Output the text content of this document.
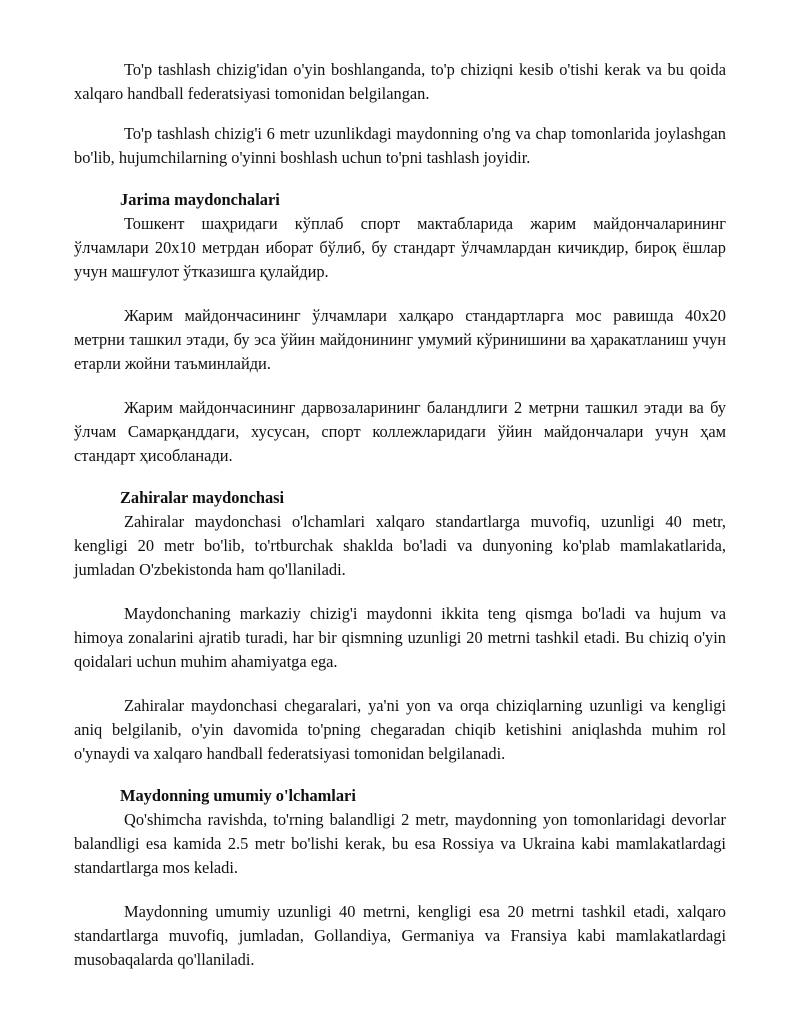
To'p tashlash chizig'idan o'yin boshlanganda, to'p chiziqni kesib o'tishi kerak va bu qoida xalqaro handball federatsiyasi tomonidan belgilangan.

To'p tashlash chizig'i 6 metr uzunlikdagi maydonning o'ng va chap tomonlarida joylashgan bo'lib, hujumchilarning o'yinni boshlash uchun to'pni tashlash joyidir.

Jarima maydonchalari

Тошкент шаҳридаги кўплаб спорт мактабларида жарим майдончаларининг ўлчамлари 20x10 метрдан иборат бўлиб, бу стандарт ўлчамлардан кичикдир, бироқ ёшлар учун машғулот ўтказишга қулайдир.

Жарим майдончасининг ўлчамлари халқаро стандартларга мос равишда 40x20 метрни ташкил этади, бу эса ўйин майдонининг умумий кўринишини ва ҳаракатланиш учун етарли жойни таъминлайди.

Жарим майдончасининг дарвозаларининг баландлиги 2 метрни ташкил этади ва бу ўлчам Самарқанддаги, хусусан, спорт коллежларидаги ўйин майдончалари учун ҳам стандарт ҳисобланади.

Zahiralar maydonchasi

Zahiralar maydonchasi o'lchamlari xalqaro standartlarga muvofiq, uzunligi 40 metr, kengligi 20 metr bo'lib, to'rtburchak shaklda bo'ladi va dunyoning ko'plab mamlakatlarida, jumladan O'zbekistonda ham qo'llaniladi.

Maydonchaning markaziy chizig'i maydonni ikkita teng qismga bo'ladi va hujum va himoya zonalarini ajratib turadi, har bir qismning uzunligi 20 metrni tashkil etadi. Bu chiziq o'yin qoidalari uchun muhim ahamiyatga ega.

Zahiralar maydonchasi chegaralari, ya'ni yon va orqa chiziqlarning uzunligi va kengligi aniq belgilanib, o'yin davomida to'pning chegaradan chiqib ketishini aniqlashda muhim rol o'ynaydi va xalqaro handball federatsiyasi tomonidan belgilanadi.

Maydonning umumiy o'lchamlari

Qo'shimcha ravishda, to'rning balandligi 2 metr, maydonning yon tomonlaridagi devorlar balandligi esa kamida 2.5 metr bo'lishi kerak, bu esa Rossiya va Ukraina kabi mamlakatlardagi standartlarga mos keladi.

Maydonning umumiy uzunligi 40 metrni, kengligi esa 20 metrni tashkil etadi, xalqaro standartlarga muvofiq, jumladan, Gollandiya, Germaniya va Fransiya kabi mamlakatlardagi musobaqalarda qo'llaniladi.
